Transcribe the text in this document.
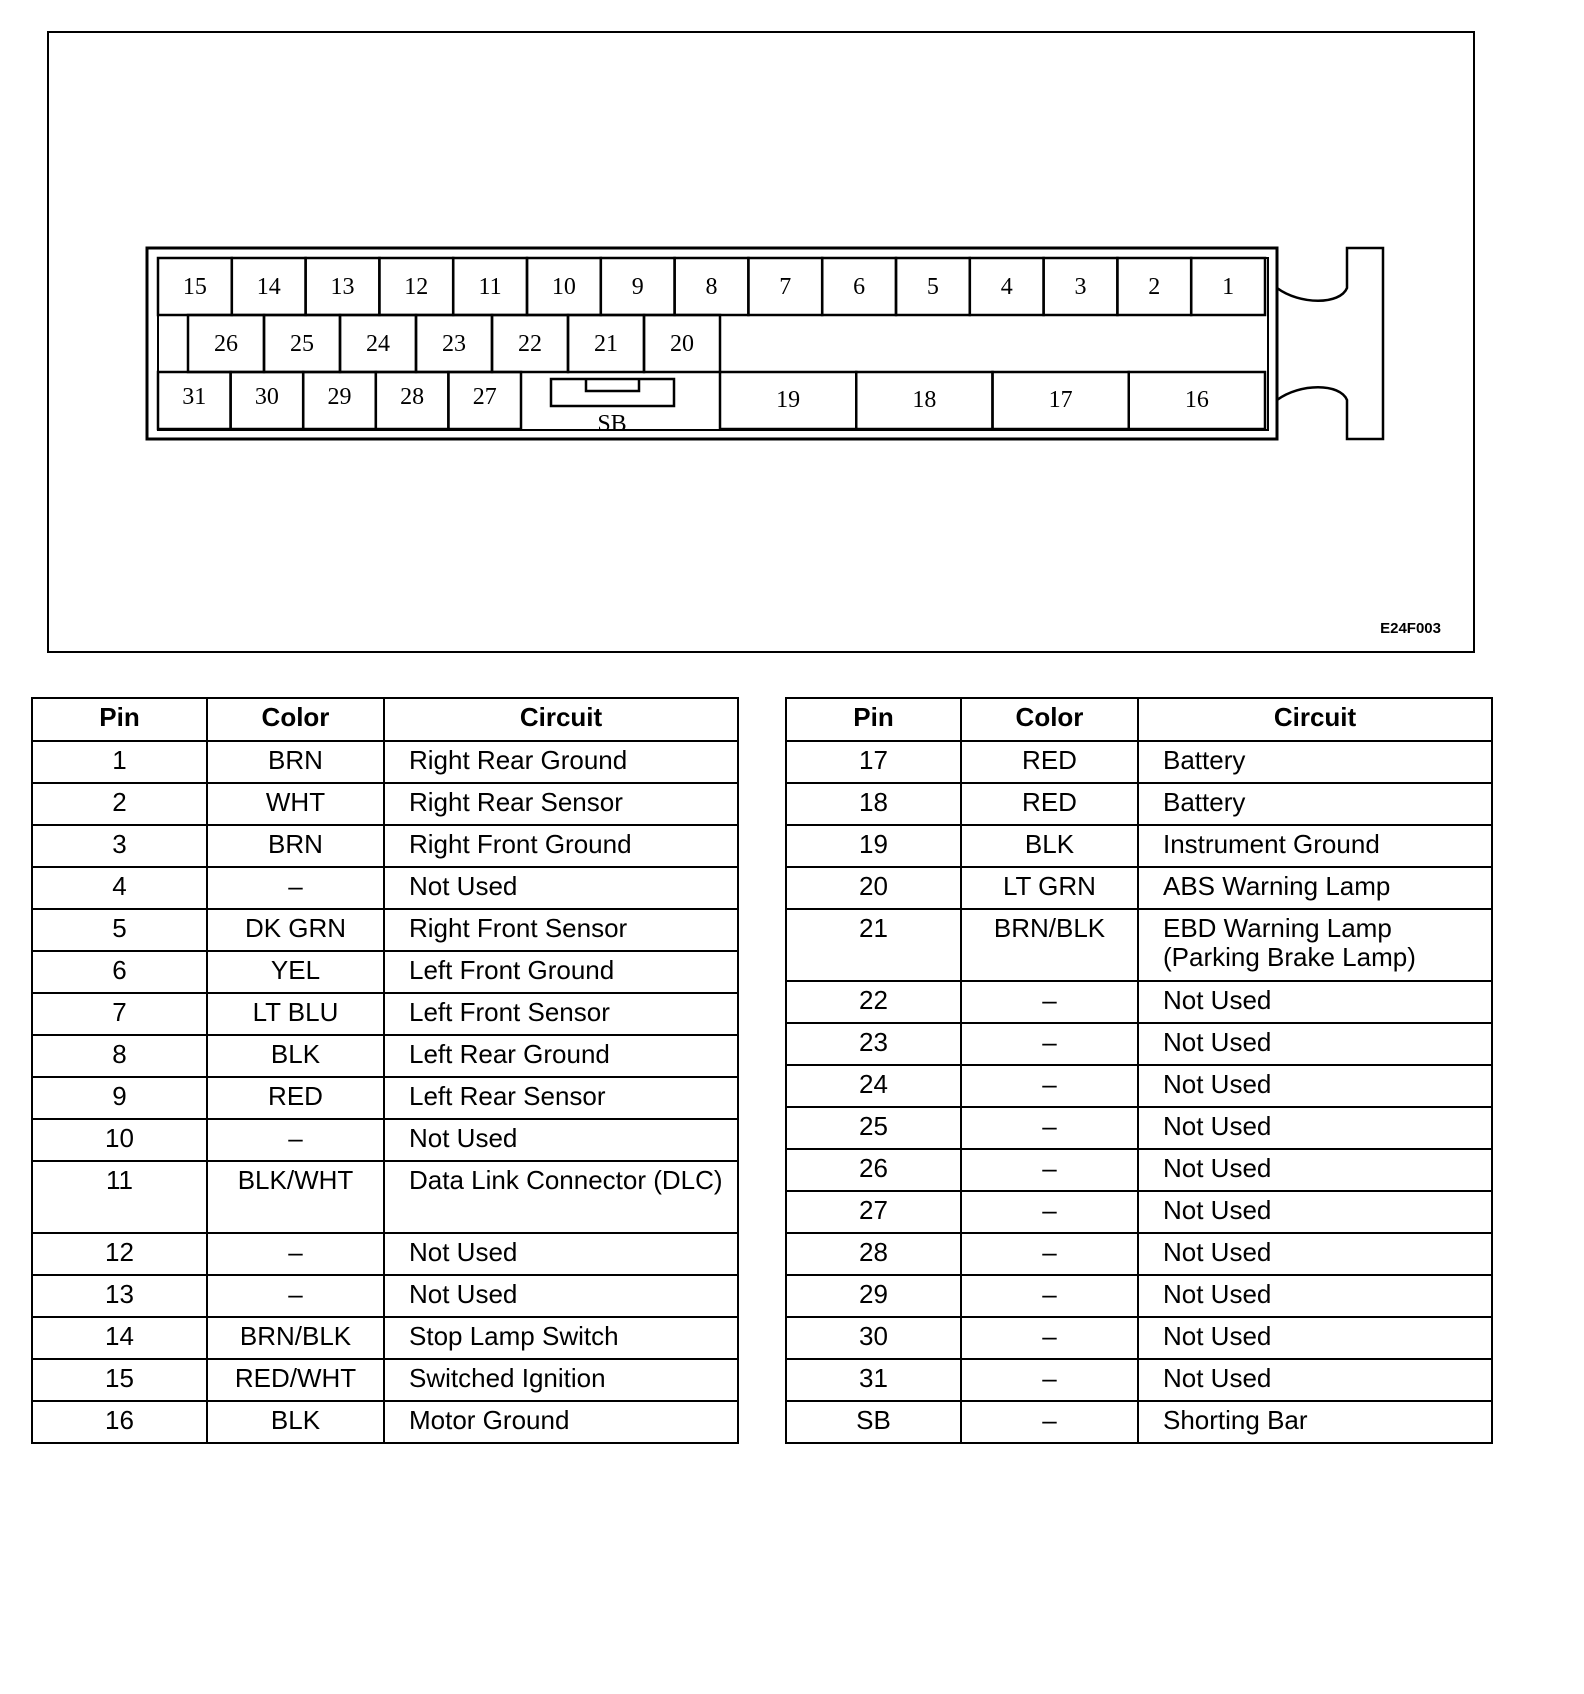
E24F003
SB
15 14 13 12 11 10 9	8	7	6	5	4	3	2	1
26 25 24 23 22 21 20
31 30 29 28 27	19	18	17	16
Pin	Color	Circuit
1	BRN	Right Rear Ground
2	WHT	Right Rear Sensor
3	BRN	Right Front Ground
4	–	Not Used
5	DK GRN	Right Front Sensor
6	YEL	Left Front Ground
7	LT BLU	Left Front Sensor
8	BLK	Left Rear Ground
9	RED	Left Rear Sensor
10	–	Not Used
11	BLK/WHT	Data Link Connector (DLC)
12	–	Not Used
13	–	Not Used
14	BRN/BLK	Stop Lamp Switch
15	RED/WHT	Switched Ignition
16	BLK	Motor Ground
Pin	Color	Circuit
17	RED	Battery
18	RED	Battery
19	BLK	Instrument Ground
20	LT GRN	ABS Warning Lamp
21	BRN/BLK	EBD Warning Lamp (Parking Brake Lamp)
22	–	Not Used
23	–	Not Used
24	–	Not Used
25	–	Not Used
26	–	Not Used
27	–	Not Used
28	–	Not Used
29	–	Not Used
30	–	Not Used
31	–	Not Used
SB	–	Shorting Bar
